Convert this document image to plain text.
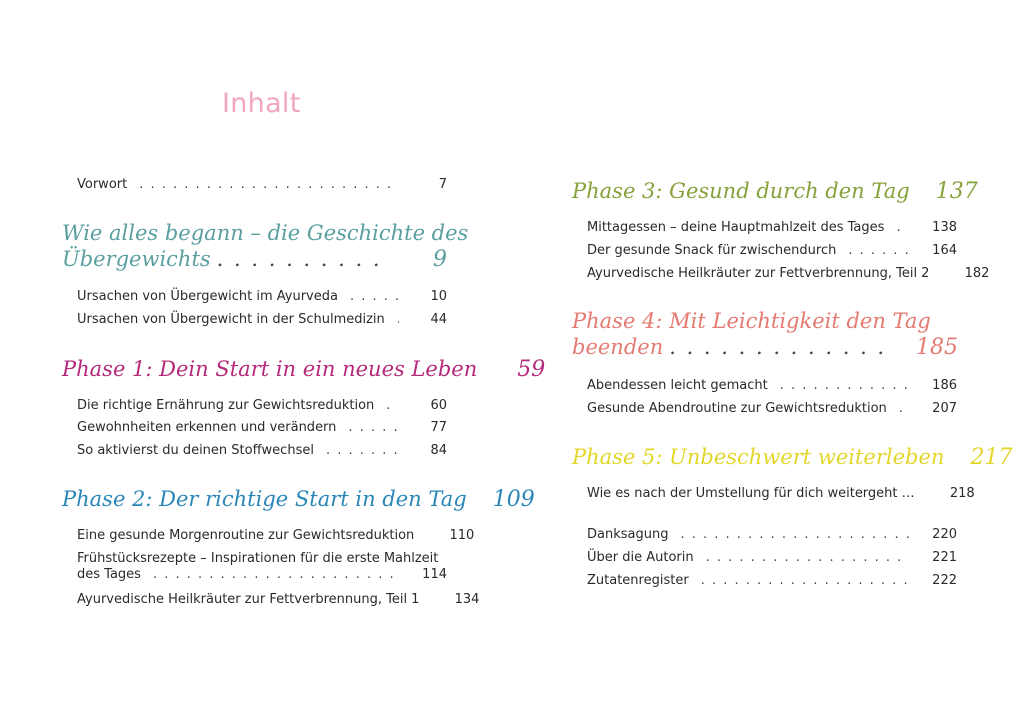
Inhalt
Vorwort . . .	7
Wie alles begann – die Geschichte des
Übergewichts . . .	9
Ursachen von Übergewicht im Ayurveda . . .	10
Ursachen von Übergewicht in der Schulmedizin . . .	44
Phase 1: Dein Start in ein neues Leben	59
Die richtige Ernährung zur Gewichtsreduktion . . .	60
Gewohnheiten erkennen und verändern . . .	77
So aktivierst du deinen Stoffwechsel . . .	84
Phase 2: Der richtige Start in den Tag	109
Eine gesunde Morgenroutine zur Gewichtsreduktion	110
Frühstücksrezepte – Inspirationen für die erste Mahlzeit
des Tages . . .	114
Ayurvedische Heilkräuter zur Fettverbrennung, Teil 1	134
Phase 3: Gesund durch den Tag	137
Mittagessen – deine Hauptmahlzeit des Tages . . .	138
Der gesunde Snack für zwischendurch . . .	164
Ayurvedische Heilkräuter zur Fettverbrennung, Teil 2	182
Phase 4: Mit Leichtigkeit den Tag
beenden . . .	185
Abendessen leicht gemacht . . .	186
Gesunde Abendroutine zur Gewichtsreduktion . . .	207
Phase 5: Unbeschwert weiterleben	217
Wie es nach der Umstellung für dich weitergeht …	218
Danksagung . . .	220
Über die Autorin . . .	221
Zutatenregister . . .	222
